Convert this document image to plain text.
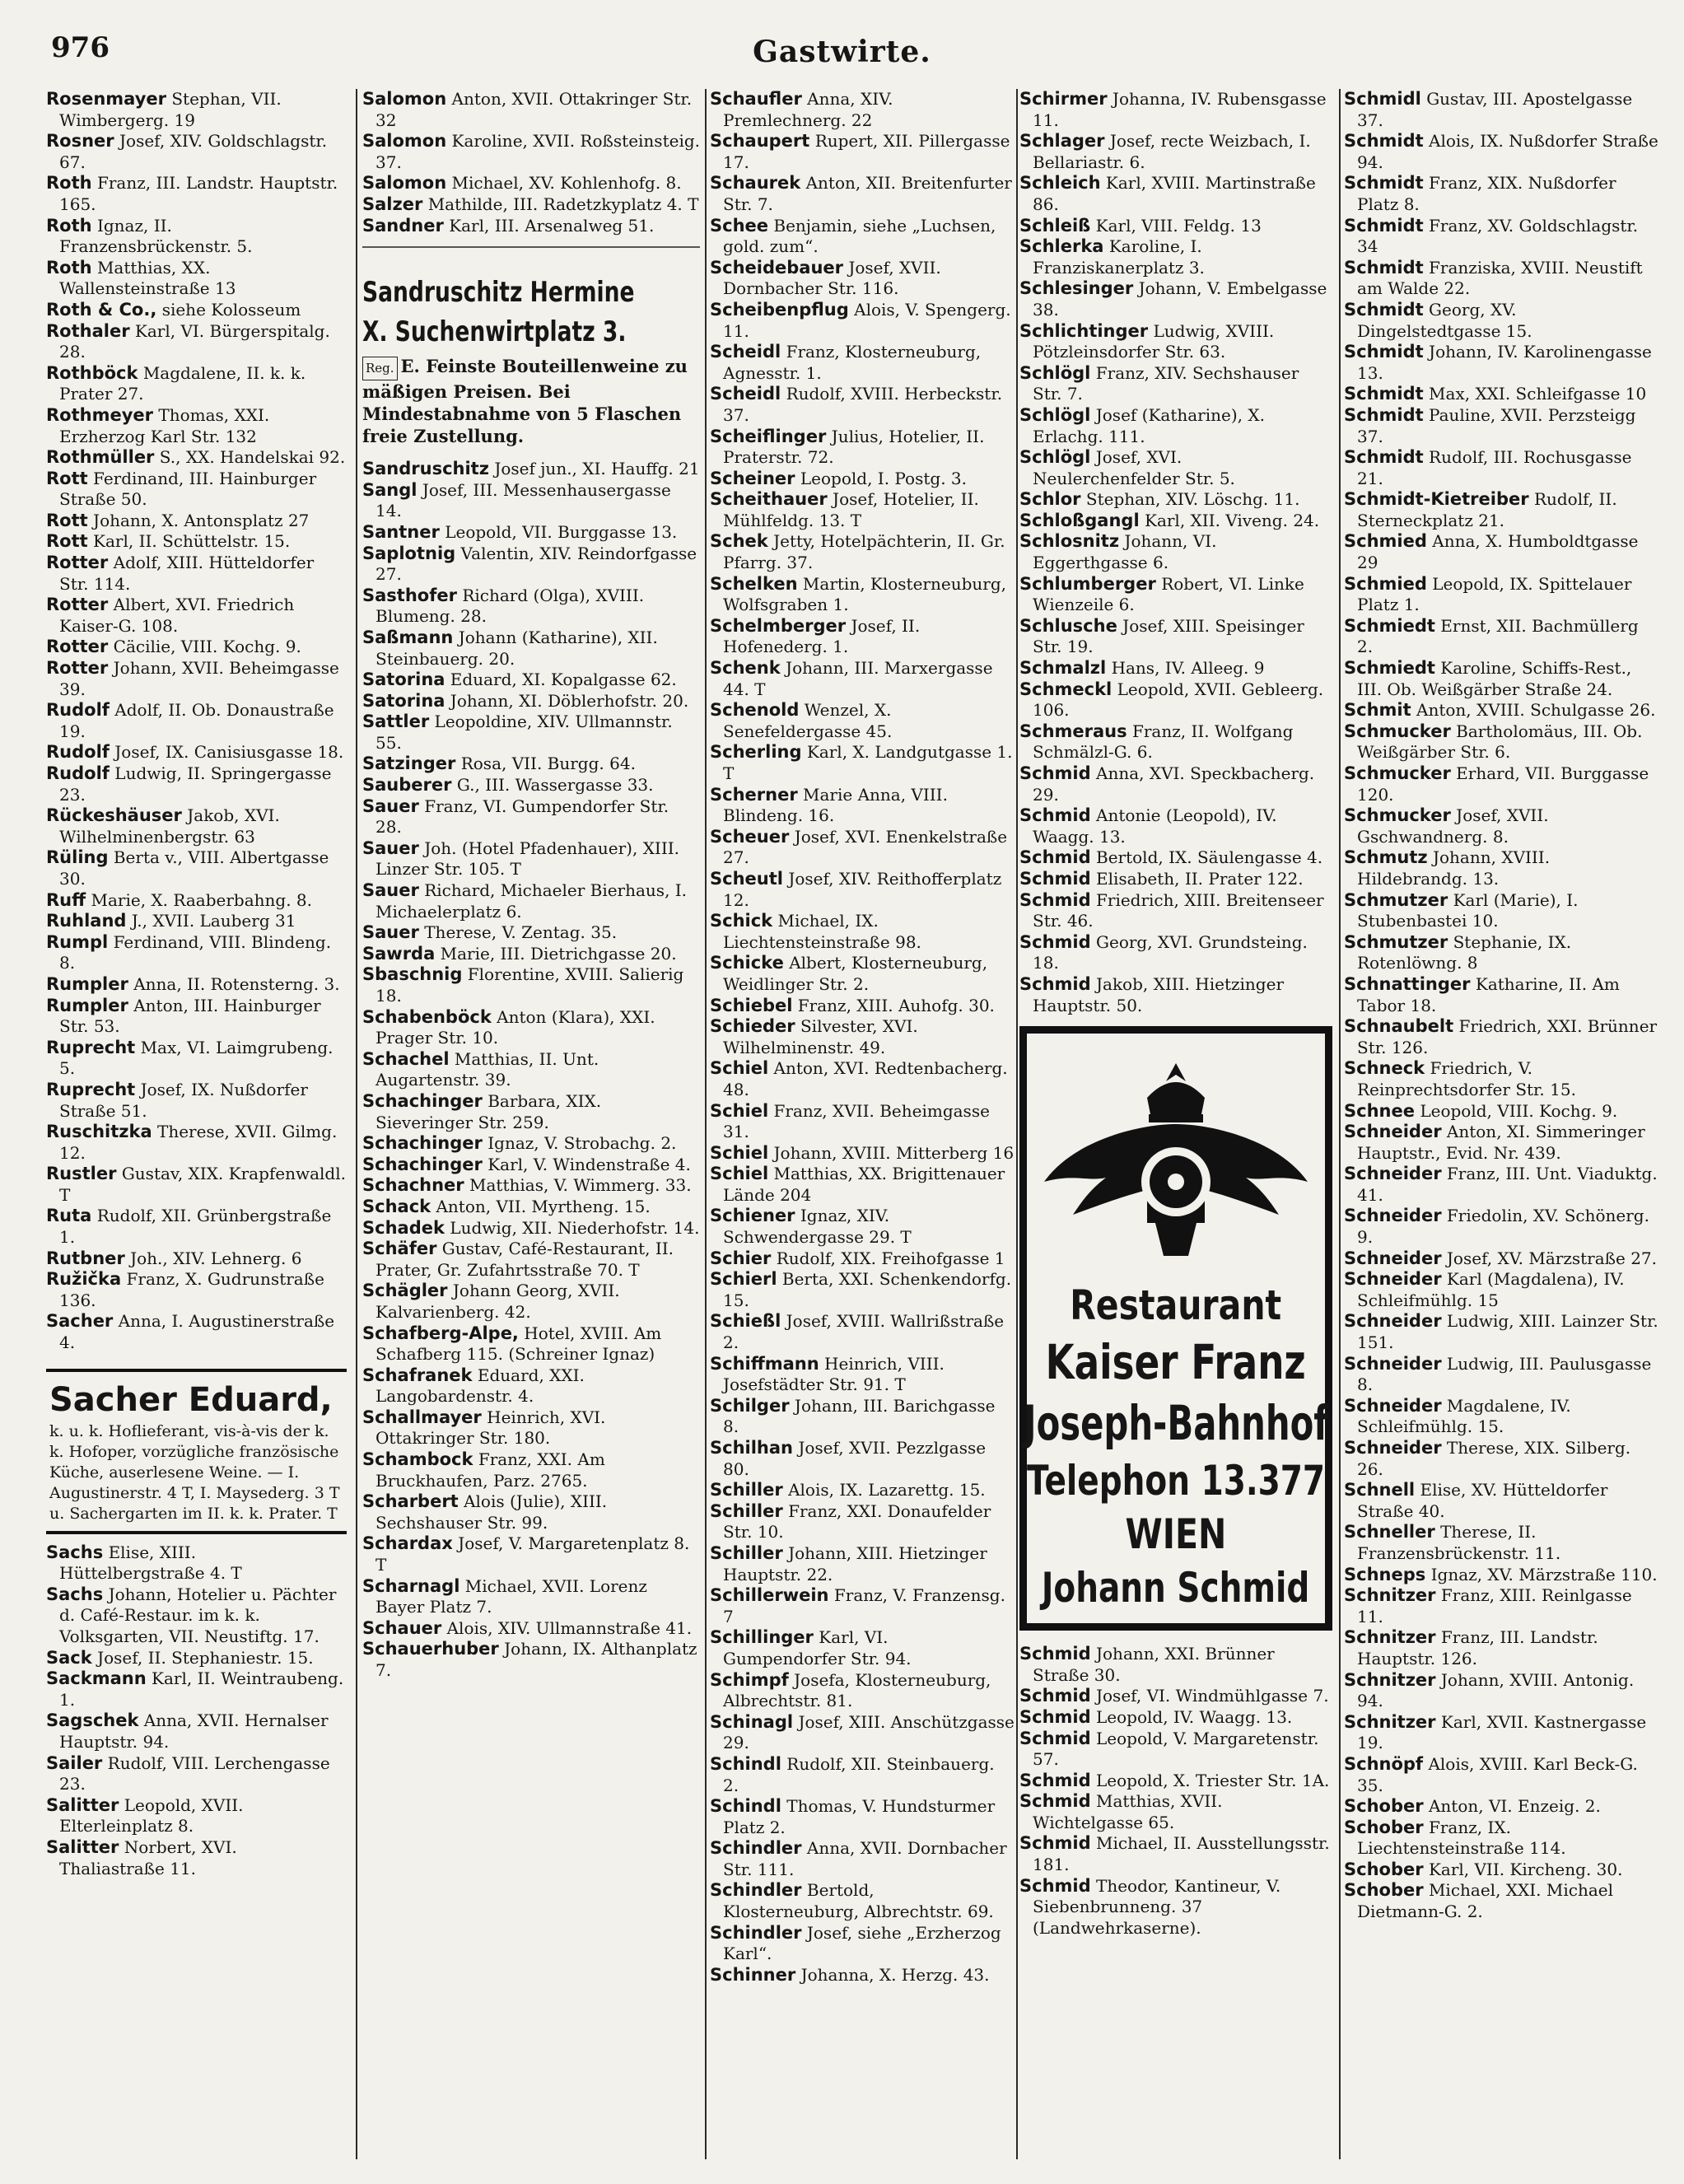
976	Gastwirte.
Rosenmayer Stephan, VII. Wimbergerg. 19
Rosner Josef, XIV. Goldschlagstr. 67.
Roth Franz, III. Landstr. Hauptstr. 165.
Roth Ignaz, II. Franzensbrückenstr. 5.
Roth Matthias, XX. Wallensteinstraße 13
Roth & Co., siehe Kolosseum
Rothaler Karl, VI. Bürgerspitalg. 28.
Rothböck Magdalene, II. k. k. Prater 27.
Rothmeyer Thomas, XXI. Erzherzog Karl Str. 132
Rothmüller S., XX. Handelskai 92.
Rott Ferdinand, III. Hainburger Straße 50.
Rott Johann, X. Antonsplatz 27
Rott Karl, II. Schüttelstr. 15.
Rotter Adolf, XIII. Hütteldorfer Str. 114.
Rotter Albert, XVI. Friedrich Kaiser-G. 108.
Rotter Cäcilie, VIII. Kochg. 9.
Rotter Johann, XVII. Beheimgasse 39.
Rudolf Adolf, II. Ob. Donaustraße 19.
Rudolf Josef, IX. Canisiusgasse 18.
Rudolf Ludwig, II. Springergasse 23.
Rückeshäuser Jakob, XVI. Wilhelminenbergstr. 63
Rüling Berta v., VIII. Albertgasse 30.
Ruff Marie, X. Raaberbahng. 8.
Ruhland J., XVII. Lauberg 31
Rumpl Ferdinand, VIII. Blindeng. 8.
Rumpler Anna, II. Rotensterng. 3.
Rumpler Anton, III. Hainburger Str. 53.
Ruprecht Max, VI. Laimgrubeng. 5.
Ruprecht Josef, IX. Nußdorfer Straße 51.
Ruschitzka Therese, XVII. Gilmg. 12.
Rustler Gustav, XIX. Krapfenwaldl. T
Ruta Rudolf, XII. Grünbergstraße 1.
Rutbner Joh., XIV. Lehnerg. 6
Ružička Franz, X. Gudrunstraße 136.
Sacher Anna, I. Augustinerstraße 4.
Sacher Eduard,
k. u. k. Hoflieferant, vis-à-vis der k. k. Hofoper, vorzügliche französische Küche, auserlesene Weine. — I. Augustinerstr. 4 T, I. Maysederg. 3 T u. Sachergarten im II. k. k. Prater. T
Sachs Elise, XIII. Hüttelbergstraße 4. T
Sachs Johann, Hotelier u. Pächter d. Café-Restaur. im k. k. Volksgarten, VII. Neustiftg. 17.
Sack Josef, II. Stephaniestr. 15.
Sackmann Karl, II. Weintraubeng. 1.
Sagschek Anna, XVII. Hernalser Hauptstr. 94.
Sailer Rudolf, VIII. Lerchengasse 23.
Salitter Leopold, XVII. Elterleinplatz 8.
Salitter Norbert, XVI. Thaliastraße 11.
Salomon Anton, XVII. Ottakringer Str. 32
Salomon Karoline, XVII. Roßsteinsteig. 37.
Salomon Michael, XV. Kohlenhofg. 8.
Salzer Mathilde, III. Radetzkyplatz 4. T
Sandner Karl, III. Arsenalweg 51.
Sandruschitz Hermine
X. Suchenwirtplatz 3.
Reg. E. Feinste Bouteillenweine zu mäßigen Preisen. Bei Mindestabnahme von 5 Flaschen freie Zustellung.
Sandruschitz Josef jun., XI. Hauffg. 21
Sangl Josef, III. Messenhausergasse 14.
Santner Leopold, VII. Burggasse 13.
Saplotnig Valentin, XIV. Reindorfgasse 27.
Sasthofer Richard (Olga), XVIII. Blumeng. 28.
Saßmann Johann (Katharine), XII. Steinbauerg. 20.
Satorina Eduard, XI. Kopalgasse 62.
Satorina Johann, XI. Döblerhofstr. 20.
Sattler Leopoldine, XIV. Ullmannstr. 55.
Satzinger Rosa, VII. Burgg. 64.
Sauberer G., III. Wassergasse 33.
Sauer Franz, VI. Gumpendorfer Str. 28.
Sauer Joh. (Hotel Pfadenhauer), XIII. Linzer Str. 105. T
Sauer Richard, Michaeler Bierhaus, I. Michaelerplatz 6.
Sauer Therese, V. Zentag. 35.
Sawrda Marie, III. Dietrichgasse 20.
Sbaschnig Florentine, XVIII. Salierig 18.
Schabenböck Anton (Klara), XXI. Prager Str. 10.
Schachel Matthias, II. Unt. Augartenstr. 39.
Schachinger Barbara, XIX. Sieveringer Str. 259.
Schachinger Ignaz, V. Strobachg. 2.
Schachinger Karl, V. Windenstraße 4.
Schachner Matthias, V. Wimmerg. 33.
Schack Anton, VII. Myrtheng. 15.
Schadek Ludwig, XII. Niederhofstr. 14.
Schäfer Gustav, Café-Restaurant, II. Prater, Gr. Zufahrtsstraße 70. T
Schägler Johann Georg, XVII. Kalvarienberg. 42.
Schafberg-Alpe, Hotel, XVIII. Am Schafberg 115. (Schreiner Ignaz)
Schafranek Eduard, XXI. Langobardenstr. 4.
Schallmayer Heinrich, XVI. Ottakringer Str. 180.
Schambock Franz, XXI. Am Bruckhaufen, Parz. 2765.
Scharbert Alois (Julie), XIII. Sechshauser Str. 99.
Schardax Josef, V. Margaretenplatz 8. T
Scharnagl Michael, XVII. Lorenz Bayer Platz 7.
Schauer Alois, XIV. Ullmannstraße 41.
Schauerhuber Johann, IX. Althanplatz 7.
Schaufler Anna, XIV. Premlechnerg. 22
Schaupert Rupert, XII. Pillergasse 17.
Schaurek Anton, XII. Breitenfurter Str. 7.
Schee Benjamin, siehe „Luchsen, gold. zum“.
Scheidebauer Josef, XVII. Dornbacher Str. 116.
Scheibenpflug Alois, V. Spengerg. 11.
Scheidl Franz, Klosterneuburg, Agnesstr. 1.
Scheidl Rudolf, XVIII. Herbeckstr. 37.
Scheiflinger Julius, Hotelier, II. Praterstr. 72.
Scheiner Leopold, I. Postg. 3.
Scheithauer Josef, Hotelier, II. Mühlfeldg. 13. T
Schek Jetty, Hotelpächterin, II. Gr. Pfarrg. 37.
Schelken Martin, Klosterneuburg, Wolfsgraben 1.
Schelmberger Josef, II. Hofenederg. 1.
Schenk Johann, III. Marxergasse 44. T
Schenold Wenzel, X. Senefeldergasse 45.
Scherling Karl, X. Landgutgasse 1. T
Scherner Marie Anna, VIII. Blindeng. 16.
Scheuer Josef, XVI. Enenkelstraße 27.
Scheutl Josef, XIV. Reithofferplatz 12.
Schick Michael, IX. Liechtensteinstraße 98.
Schicke Albert, Klosterneuburg, Weidlinger Str. 2.
Schiebel Franz, XIII. Auhofg. 30.
Schieder Silvester, XVI. Wilhelminenstr. 49.
Schiel Anton, XVI. Redtenbacherg. 48.
Schiel Franz, XVII. Beheimgasse 31.
Schiel Johann, XVIII. Mitterberg 16
Schiel Matthias, XX. Brigittenauer Lände 204
Schiener Ignaz, XIV. Schwendergasse 29. T
Schier Rudolf, XIX. Freihofgasse 1
Schierl Berta, XXI. Schenkendorfg. 15.
Schießl Josef, XVIII. Wallrißstraße 2.
Schiffmann Heinrich, VIII. Josefstädter Str. 91. T
Schilger Johann, III. Barichgasse 8.
Schilhan Josef, XVII. Pezzlgasse 80.
Schiller Alois, IX. Lazarettg. 15.
Schiller Franz, XXI. Donaufelder Str. 10.
Schiller Johann, XIII. Hietzinger Hauptstr. 22.
Schillerwein Franz, V. Franzensg. 7
Schillinger Karl, VI. Gumpendorfer Str. 94.
Schimpf Josefa, Klosterneuburg, Albrechtstr. 81.
Schinagl Josef, XIII. Anschützgasse 29.
Schindl Rudolf, XII. Steinbauerg. 2.
Schindl Thomas, V. Hundsturmer Platz 2.
Schindler Anna, XVII. Dornbacher Str. 111.
Schindler Bertold, Klosterneuburg, Albrechtstr. 69.
Schindler Josef, siehe „Erzherzog Karl“.
Schinner Johanna, X. Herzg. 43.
Schirmer Johanna, IV. Rubensgasse 11.
Schlager Josef, recte Weizbach, I. Bellariastr. 6.
Schleich Karl, XVIII. Martinstraße 86.
Schleiß Karl, VIII. Feldg. 13
Schlerka Karoline, I. Franziskanerplatz 3.
Schlesinger Johann, V. Embelgasse 38.
Schlichtinger Ludwig, XVIII. Pötzleinsdorfer Str. 63.
Schlögl Franz, XIV. Sechshauser Str. 7.
Schlögl Josef (Katharine), X. Erlachg. 111.
Schlögl Josef, XVI. Neulerchenfelder Str. 5.
Schlor Stephan, XIV. Löschg. 11.
Schloßgangl Karl, XII. Viveng. 24.
Schlosnitz Johann, VI. Eggerthgasse 6.
Schlumberger Robert, VI. Linke Wienzeile 6.
Schlusche Josef, XIII. Speisinger Str. 19.
Schmalzl Hans, IV. Alleeg. 9
Schmeckl Leopold, XVII. Gebleerg. 106.
Schmeraus Franz, II. Wolfgang Schmälzl-G. 6.
Schmid Anna, XVI. Speckbacherg. 29.
Schmid Antonie (Leopold), IV. Waagg. 13.
Schmid Bertold, IX. Säulengasse 4.
Schmid Elisabeth, II. Prater 122.
Schmid Friedrich, XIII. Breitenseer Str. 46.
Schmid Georg, XVI. Grundsteing. 18.
Schmid Jakob, XIII. Hietzinger Hauptstr. 50.
Restaurant
Kaiser Franz
Joseph-Bahnhof
Telephon 13.377
WIEN
Johann Schmid
Schmid Johann, XXI. Brünner Straße 30.
Schmid Josef, VI. Windmühlgasse 7.
Schmid Leopold, IV. Waagg. 13.
Schmid Leopold, V. Margaretenstr. 57.
Schmid Leopold, X. Triester Str. 1A.
Schmid Matthias, XVII. Wichtelgasse 65.
Schmid Michael, II. Ausstellungsstr. 181.
Schmid Theodor, Kantineur, V. Siebenbrunneng. 37 (Landwehrkaserne).
Schmidl Gustav, III. Apostelgasse 37.
Schmidt Alois, IX. Nußdorfer Straße 94.
Schmidt Franz, XIX. Nußdorfer Platz 8.
Schmidt Franz, XV. Goldschlagstr. 34
Schmidt Franziska, XVIII. Neustift am Walde 22.
Schmidt Georg, XV. Dingelstedtgasse 15.
Schmidt Johann, IV. Karolinengasse 13.
Schmidt Max, XXI. Schleifgasse 10
Schmidt Pauline, XVII. Perzsteigg 37.
Schmidt Rudolf, III. Rochusgasse 21.
Schmidt-Kietreiber Rudolf, II. Sterneckplatz 21.
Schmied Anna, X. Humboldtgasse 29
Schmied Leopold, IX. Spittelauer Platz 1.
Schmiedt Ernst, XII. Bachmüllerg 2.
Schmiedt Karoline, Schiffs-Rest., III. Ob. Weißgärber Straße 24.
Schmit Anton, XVIII. Schulgasse 26.
Schmucker Bartholomäus, III. Ob. Weißgärber Str. 6.
Schmucker Erhard, VII. Burggasse 120.
Schmucker Josef, XVII. Gschwandnerg. 8.
Schmutz Johann, XVIII. Hildebrandg. 13.
Schmutzer Karl (Marie), I. Stubenbastei 10.
Schmutzer Stephanie, IX. Rotenlöwng. 8
Schnattinger Katharine, II. Am Tabor 18.
Schnaubelt Friedrich, XXI. Brünner Str. 126.
Schneck Friedrich, V. Reinprechtsdorfer Str. 15.
Schnee Leopold, VIII. Kochg. 9.
Schneider Anton, XI. Simmeringer Hauptstr., Evid. Nr. 439.
Schneider Franz, III. Unt. Viaduktg. 41.
Schneider Friedolin, XV. Schönerg. 9.
Schneider Josef, XV. Märzstraße 27.
Schneider Karl (Magdalena), IV. Schleifmühlg. 15
Schneider Ludwig, XIII. Lainzer Str. 151.
Schneider Ludwig, III. Paulusgasse 8.
Schneider Magdalene, IV. Schleifmühlg. 15.
Schneider Therese, XIX. Silberg. 26.
Schnell Elise, XV. Hütteldorfer Straße 40.
Schneller Therese, II. Franzensbrückenstr. 11.
Schneps Ignaz, XV. Märzstraße 110.
Schnitzer Franz, XIII. Reinlgasse 11.
Schnitzer Franz, III. Landstr. Hauptstr. 126.
Schnitzer Johann, XVIII. Antonig. 94.
Schnitzer Karl, XVII. Kastnergasse 19.
Schnöpf Alois, XVIII. Karl Beck-G. 35.
Schober Anton, VI. Enzeig. 2.
Schober Franz, IX. Liechtensteinstraße 114.
Schober Karl, VII. Kircheng. 30.
Schober Michael, XXI. Michael Dietmann-G. 2.
